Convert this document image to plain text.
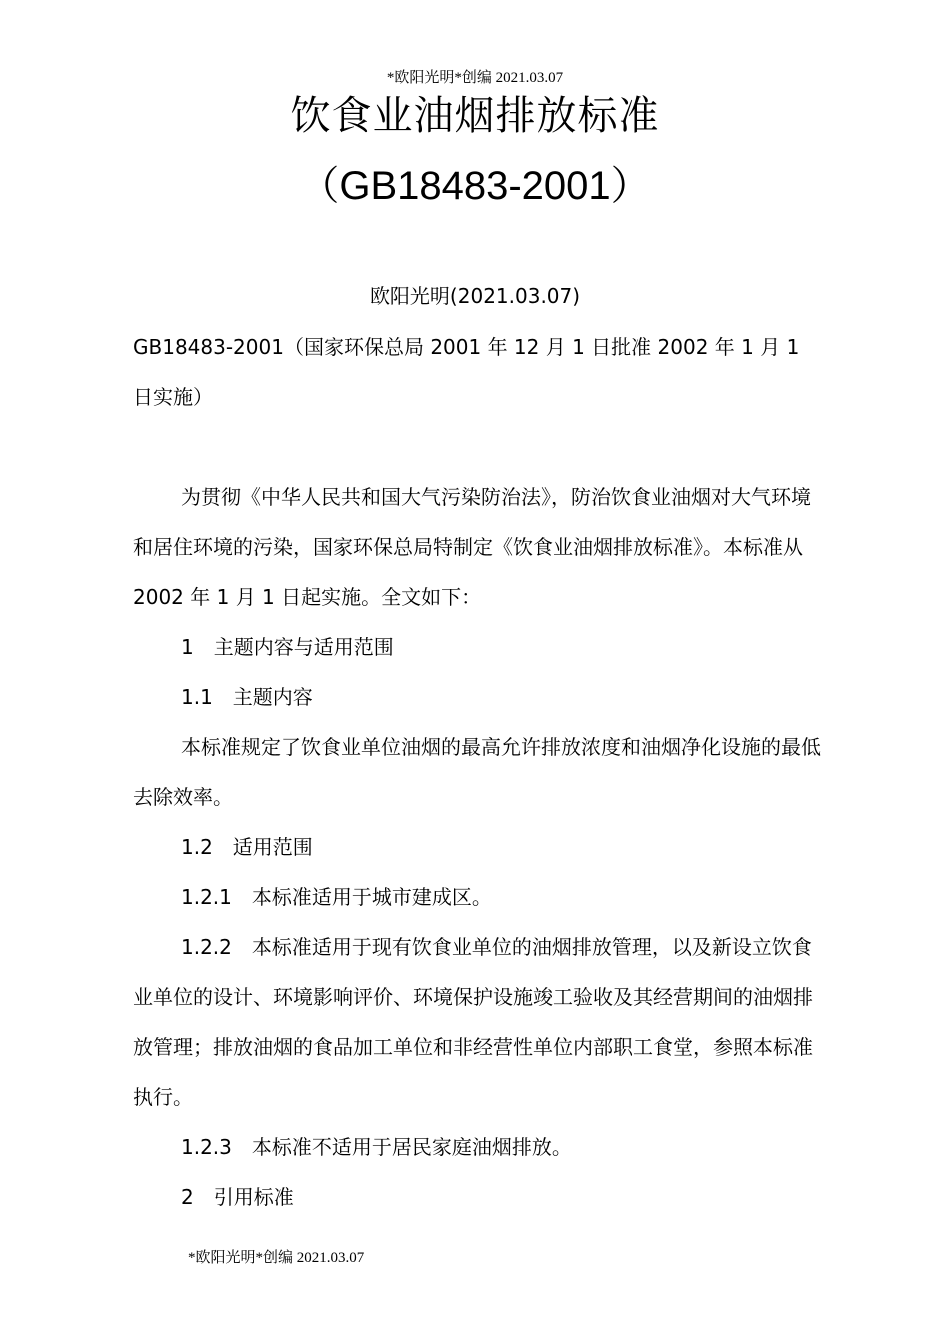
*欧阳光明*创编 2021.03.07
饮食业油烟排放标准
（GB18483-2001）
欧阳光明(2021.03.07)

GB18483-2001（国家环保总局 2001 年 12 月 1 日批准 2002 年 1 月 1 日实施）

为贯彻《中华人民共和国大气污染防治法》，防治饮食业油烟对大气环境和居住环境的污染，国家环保总局特制定《饮食业油烟排放标准》。本标准从 2002 年 1 月 1 日起实施。全文如下：

1　主题内容与适用范围

1.1　主题内容

本标准规定了饮食业单位油烟的最高允许排放浓度和油烟净化设施的最低去除效率。

1.2　适用范围

1.2.1　本标准适用于城市建成区。

1.2.2　本标准适用于现有饮食业单位的油烟排放管理，以及新设立饮食业单位的设计、环境影响评价、环境保护设施竣工验收及其经营期间的油烟排放管理；排放油烟的食品加工单位和非经营性单位内部职工食堂，参照本标准执行。

1.2.3　本标准不适用于居民家庭油烟排放。

2　引用标准

*欧阳光明*创编 2021.03.07
